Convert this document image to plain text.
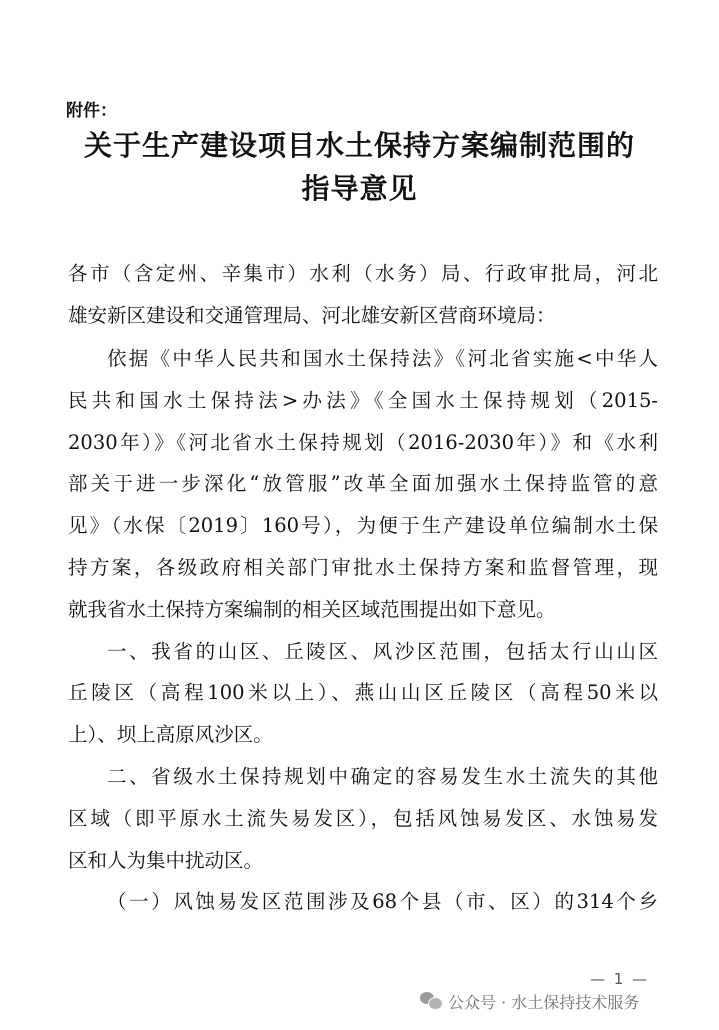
附件：
关于生产建设项目水土保持方案编制范围的
指导意见
各市（含定州、辛集市）水利（水务）局、行政审批局，河北
雄安新区建设和交通管理局、河北雄安新区营商环境局：
依据《中华人民共和国水土保持法》《河北省实施<中华人
民共和国水土保持法>办法》《全国水土保持规划（2015-
2030年）》《河北省水土保持规划（2016-2030年）》和《水利
部关于进一步深化“放管服”改革全面加强水土保持监管的意
见》（水保〔2019〕160号），为便于生产建设单位编制水土保
持方案，各级政府相关部门审批水土保持方案和监督管理，现
就我省水土保持方案编制的相关区域范围提出如下意见。
一、我省的山区、丘陵区、风沙区范围，包括太行山山区
丘陵区（高程100米以上）、燕山山区丘陵区（高程50米以
上）、坝上高原风沙区。
二、省级水土保持规划中确定的容易发生水土流失的其他
区域（即平原水土流失易发区），包括风蚀易发区、水蚀易发
区和人为集中扰动区。
（一）风蚀易发区范围涉及68个县（市、区）的314个乡
— 1 —
公众号 · 水土保持技术服务
